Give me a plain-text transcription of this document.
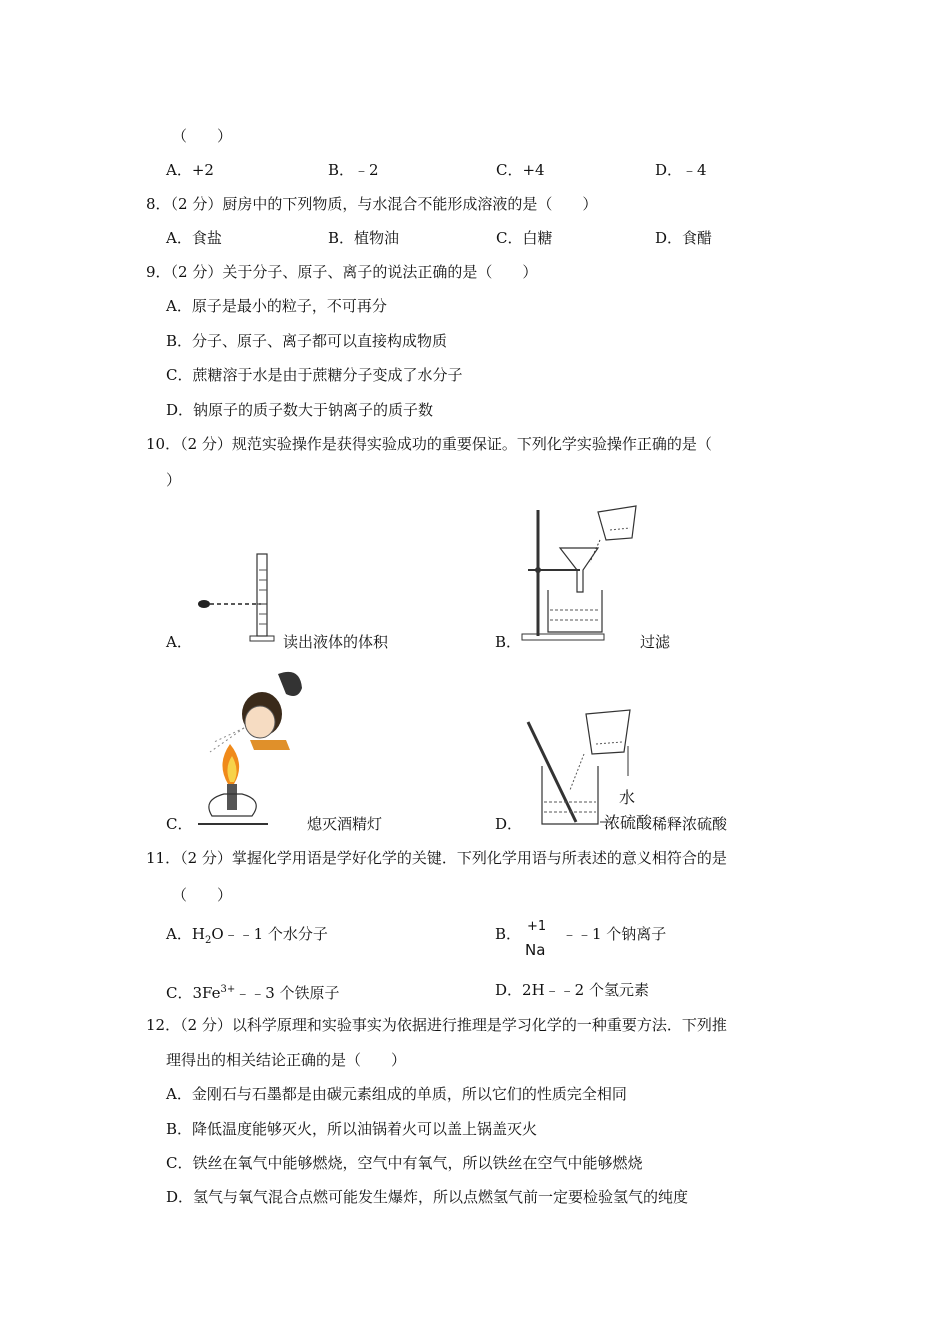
（　　）
A．+2	B．﹣2	C．+4	D．﹣4
8．（2 分）厨房中的下列物质，与水混合不能形成溶液的是（　　）
A．食盐	B．植物油	C．白糖	D．食醋
9．（2 分）关于分子、原子、离子的说法正确的是（　　）
A．原子是最小的粒子，不可再分
B．分子、原子、离子都可以直接构成物质
C．蔗糖溶于水是由于蔗糖分子变成了水分子
D．钠原子的质子数大于钠离子的质子数
10．（2 分）规范实验操作是获得实验成功的重要保证。下列化学实验操作正确的是（
）
A．	读出液体的体积	B．	过滤
C．	熄灭酒精灯	D．
水
浓硫酸 稀释浓硫酸
11．（2 分）掌握化学用语是学好化学的关键．下列化学用语与所表述的意义相符合的是
（　　）
A．$H_2O﹣﹣1$ 个水分子	B． +1
Na
﹣﹣1 个钠离子
C．$3Fe^{3+}﹣﹣3$ 个铁原子	D．2H﹣﹣2 个氢元素
12．（2 分）以科学原理和实验事实为依据进行推理是学习化学的一种重要方法．下列推
理得出的相关结论正确的是（　　）
A．金刚石与石墨都是由碳元素组成的单质，所以它们的性质完全相同
B．降低温度能够灭火，所以油锅着火可以盖上锅盖灭火
C．铁丝在氧气中能够燃烧，空气中有氧气，所以铁丝在空气中能够燃烧
D．氢气与氧气混合点燃可能发生爆炸，所以点燃氢气前一定要检验氢气的纯度
